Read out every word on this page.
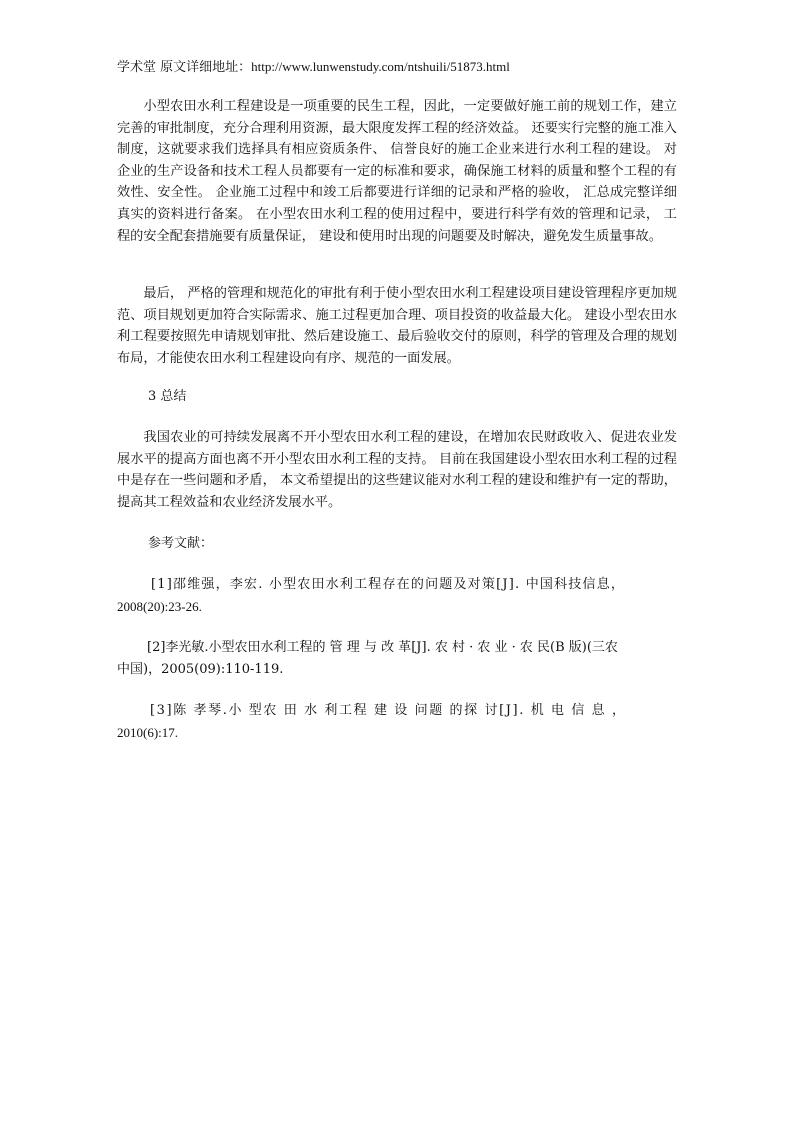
学术堂 原文详细地址：http://www.lunwenstudy.com/ntshuili/51873.html

小型农田水利工程建设是一项重要的民生工程，因此，一定要做好施工前的规划工作，建立完善的审批制度，充分合理利用资源，最大限度发挥工程的经济效益。 还要实行完整的施工准入制度，这就要求我们选择具有相应资质条件、 信誉良好的施工企业来进行水利工程的建设。 对企业的生产设备和技术工程人员都要有一定的标准和要求，确保施工材料的质量和整个工程的有效性、安全性。 企业施工过程中和竣工后都要进行详细的记录和严格的验收， 汇总成完整详细真实的资料进行备案。 在小型农田水利工程的使用过程中，要进行科学有效的管理和记录， 工程的安全配套措施要有质量保证， 建设和使用时出现的问题要及时解决，避免发生质量事故。

最后， 严格的管理和规范化的审批有利于使小型农田水利工程建设项目建设管理程序更加规范、项目规划更加符合实际需求、施工过程更加合理、项目投资的收益最大化。 建设小型农田水利工程要按照先申请规划审批、然后建设施工、最后验收交付的原则，科学的管理及合理的规划布局，才能使农田水利工程建设向有序、规范的一面发展。

3 总结

我国农业的可持续发展离不开小型农田水利工程的建设，在增加农民财政收入、促进农业发展水平的提高方面也离不开小型农田水利工程的支持。 目前在我国建设小型农田水利工程的过程中是存在一些问题和矛盾， 本文希望提出的这些建议能对水利工程的建设和维护有一定的帮助，提高其工程效益和农业经济发展水平。

参考文献：

[1]邵维强，李宏. 小型农田水利工程存在的问题及对策[J]. 中国科技信息，
2008(20):23-26.
[2]李光敏.小型农田水利工程的 管 理 与 改 革[J]. 农 村 · 农 业 · 农 民(B 版)(三农
中国)，2005(09):110-119.
[3]陈 孝琴.小 型农 田 水 利工程 建 设 问题 的探 讨[J]. 机 电 信 息 ，
2010(6):17.
